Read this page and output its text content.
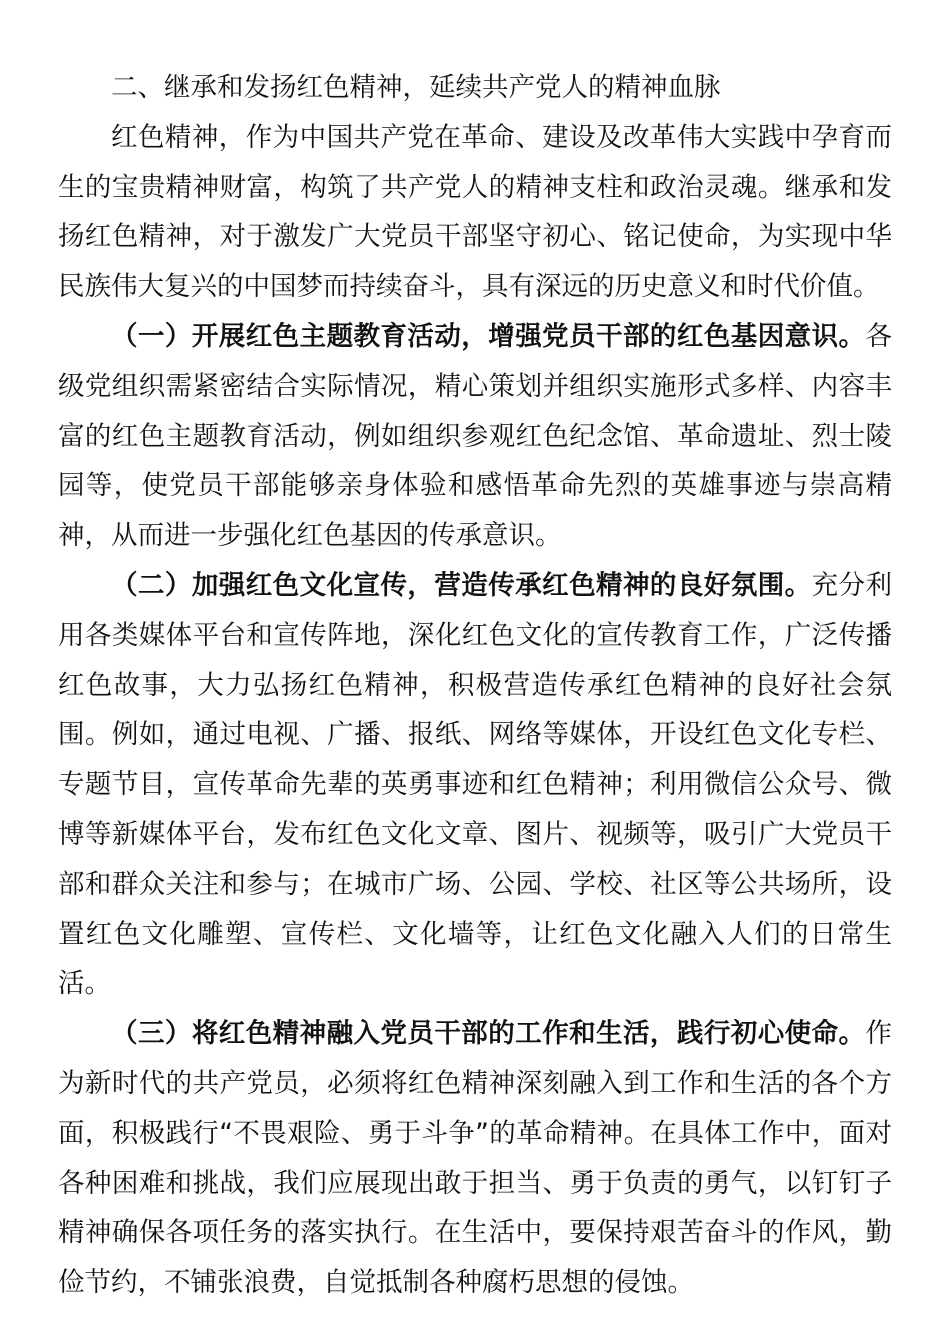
二、继承和发扬红色精神，延续共产党人的精神血脉

红色精神，作为中国共产党在革命、建设及改革伟大实践中孕育而生的宝贵精神财富，构筑了共产党人的精神支柱和政治灵魂。继承和发扬红色精神，对于激发广大党员干部坚守初心、铭记使命，为实现中华民族伟大复兴的中国梦而持续奋斗，具有深远的历史意义和时代价值。

（一）开展红色主题教育活动，增强党员干部的红色基因意识。各级党组织需紧密结合实际情况，精心策划并组织实施形式多样、内容丰富的红色主题教育活动，例如组织参观红色纪念馆、革命遗址、烈士陵园等，使党员干部能够亲身体验和感悟革命先烈的英雄事迹与崇高精神，从而进一步强化红色基因的传承意识。

（二）加强红色文化宣传，营造传承红色精神的良好氛围。充分利用各类媒体平台和宣传阵地，深化红色文化的宣传教育工作，广泛传播红色故事，大力弘扬红色精神，积极营造传承红色精神的良好社会氛围。例如，通过电视、广播、报纸、网络等媒体，开设红色文化专栏、专题节目，宣传革命先辈的英勇事迹和红色精神；利用微信公众号、微博等新媒体平台，发布红色文化文章、图片、视频等，吸引广大党员干部和群众关注和参与；在城市广场、公园、学校、社区等公共场所，设置红色文化雕塑、宣传栏、文化墙等，让红色文化融入人们的日常生活。

（三）将红色精神融入党员干部的工作和生活，践行初心使命。作为新时代的共产党员，必须将红色精神深刻融入到工作和生活的各个方面，积极践行“不畏艰险、勇于斗争”的革命精神。在具体工作中，面对各种困难和挑战，我们应展现出敢于担当、勇于负责的勇气，以钉钉子精神确保各项任务的落实执行。在生活中，要保持艰苦奋斗的作风，勤俭节约，不铺张浪费，自觉抵制各种腐朽思想的侵蚀。
